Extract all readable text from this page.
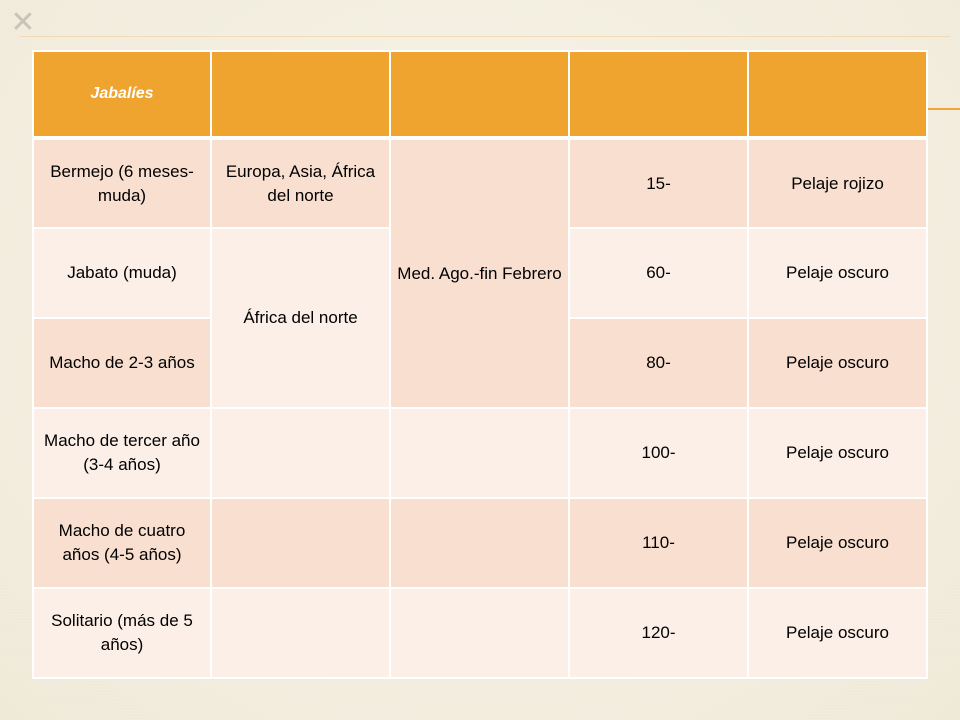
✕
Jabalíes				
Bermejo (6 meses-muda)	Europa, Asia, África del norte	Med. Ago.-fin Febrero	15-	Pelaje rojizo
Jabato (muda)	África del norte		60-	Pelaje oscuro
Macho de 2-3 años			80-	Pelaje oscuro
Macho de tercer año (3-4 años)			100-	Pelaje oscuro
Macho de cuatro años (4-5 años)			110-	Pelaje oscuro
Solitario (más de 5 años)			120-	Pelaje oscuro
